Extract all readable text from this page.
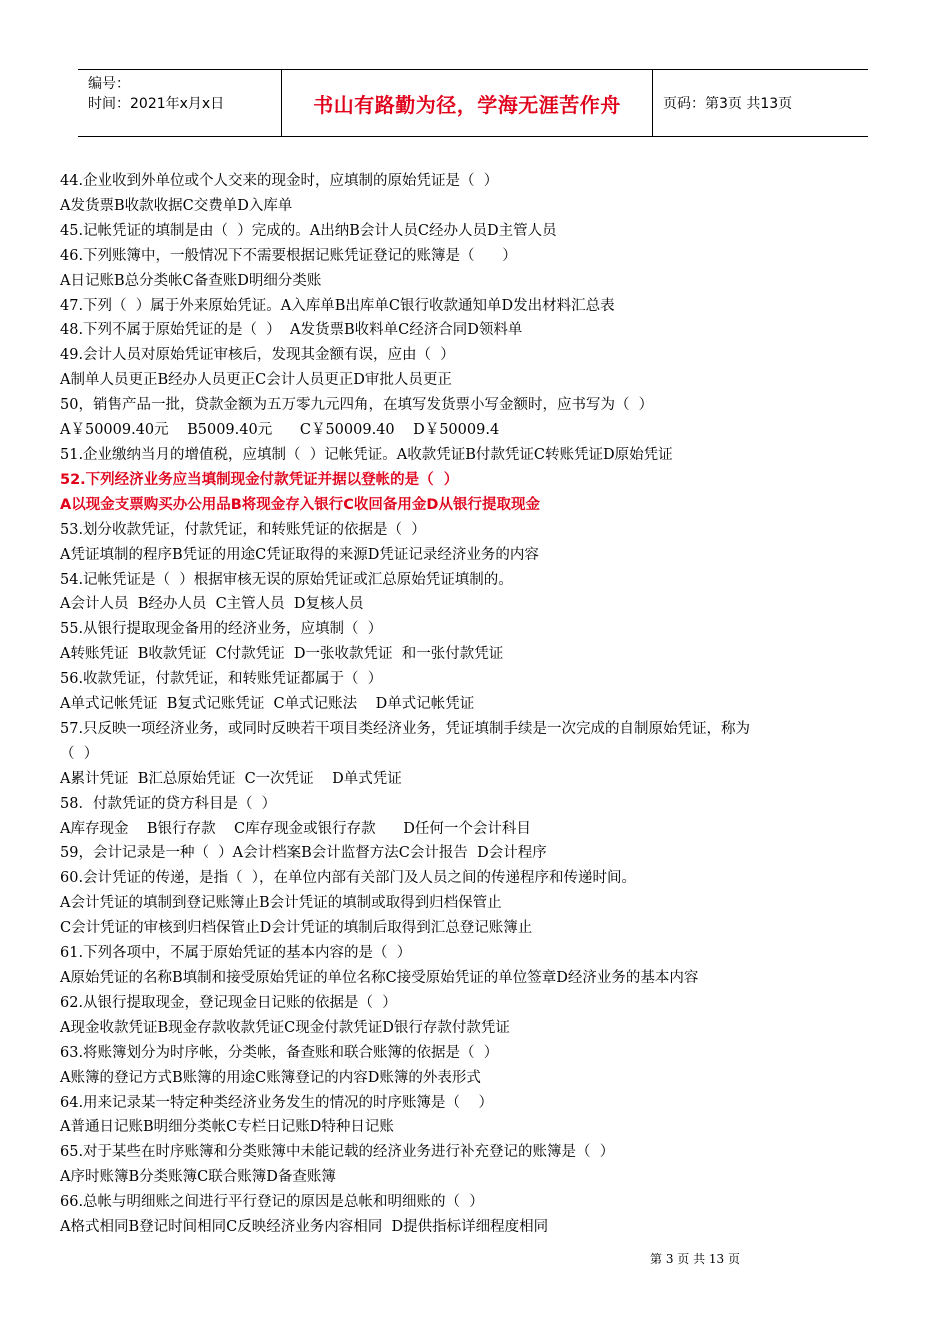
编号：
时间：2021年x月x日	书山有路勤为径，学海无涯苦作舟	页码：第3页 共13页
44.企业收到外单位或个人交来的现金时，应填制的原始凭证是（  ）
A发货票B收款收据C交费单D入库单
45.记帐凭证的填制是由（  ）完成的。A出纳B会计人员C经办人员D主管人员
46.下列账簿中，一般情况下不需要根据记账凭证登记的账簿是（      ）
A日记账B总分类帐C备查账D明细分类账
47.下列（  ）属于外来原始凭证。A入库单B出库单C银行收款通知单D发出材料汇总表
48.下列不属于原始凭证的是（  ）  A发货票B收料单C经济合同D领料单
49.会计人员对原始凭证审核后，发现其金额有误，应由（  ）
A制单人员更正B经办人员更正C会计人员更正D审批人员更正
50，销售产品一批，贷款金额为五万零九元四角，在填写发货票小写金额时，应书写为（  ）
A￥50009.40元    B5009.40元      C￥50009.40    D￥50009.4
51.企业缴纳当月的增值税，应填制（  ）记帐凭证。A收款凭证B付款凭证C转账凭证D原始凭证
52.下列经济业务应当填制现金付款凭证并据以登帐的是（  ）
A以现金支票购买办公用品B将现金存入银行C收回备用金D从银行提取现金
53.划分收款凭证，付款凭证，和转账凭证的依据是（  ）
A凭证填制的程序B凭证的用途C凭证取得的来源D凭证记录经济业务的内容
54.记帐凭证是（  ）根据审核无误的原始凭证或汇总原始凭证填制的。
A会计人员  B经办人员  C主管人员  D复核人员
55.从银行提取现金备用的经济业务，应填制（  ）
A转账凭证  B收款凭证  C付款凭证  D一张收款凭证  和一张付款凭证
56.收款凭证，付款凭证，和转账凭证都属于（  ）
A单式记帐凭证  B复式记账凭证  C单式记账法    D单式记帐凭证
57.只反映一项经济业务，或同时反映若干项目类经济业务，凭证填制手续是一次完成的自制原始凭证，称为
（  ）
A累计凭证  B汇总原始凭证  C一次凭证    D单式凭证
58．付款凭证的贷方科目是（  ）
A库存现金    B银行存款    C库存现金或银行存款      D任何一个会计科目
59，会计记录是一种（  ）A会计档案B会计监督方法C会计报告  D会计程序
60.会计凭证的传递，是指（  ），在单位内部有关部门及人员之间的传递程序和传递时间。
A会计凭证的填制到登记账簿止B会计凭证的填制或取得到归档保管止
C会计凭证的审核到归档保管止D会计凭证的填制后取得到汇总登记账簿止
61.下列各项中，不属于原始凭证的基本内容的是（  ）
A原始凭证的名称B填制和接受原始凭证的单位名称C接受原始凭证的单位签章D经济业务的基本内容
62.从银行提取现金，登记现金日记账的依据是（  ）
A现金收款凭证B现金存款收款凭证C现金付款凭证D银行存款付款凭证
63.将账簿划分为时序帐，分类帐，备查账和联合账簿的依据是（  ）
A账簿的登记方式B账簿的用途C账簿登记的内容D账簿的外表形式
64.用来记录某一特定种类经济业务发生的情况的时序账簿是（    ）
A普通日记账B明细分类帐C专栏日记账D特种日记账
65.对于某些在时序账簿和分类账簿中未能记载的经济业务进行补充登记的账簿是（  ）
A序时账簿B分类账簿C联合账簿D备查账簿
66.总帐与明细账之间进行平行登记的原因是总帐和明细账的（  ）
A格式相同B登记时间相同C反映经济业务内容相同  D提供指标详细程度相同
第 3 页 共 13 页
